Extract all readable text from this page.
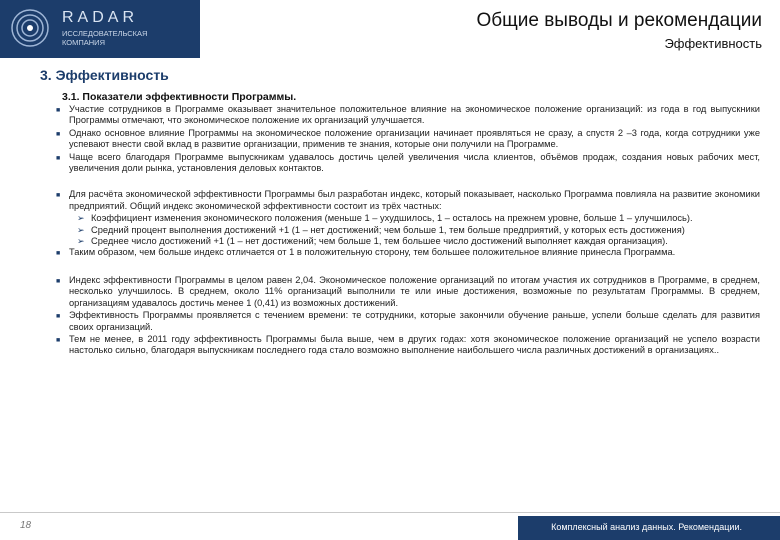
RADAR
ИССЛЕДОВАТЕЛЬСКАЯ
КОМПАНИЯ
Общие выводы и рекомендации
Эффективность
3. Эффективность
3.1. Показатели эффективности Программы.
■ Участие сотрудников в Программе оказывает значительное положительное влияние на экономическое положение организаций: из года в год выпускники Программы отмечают, что экономическое положение их организаций улучшается.
■ Однако основное влияние Программы на экономическое положение организации начинает проявляться не сразу, а спустя 2 –3 года, когда сотрудники уже успевают внести свой вклад в развитие организации, применив те знания, которые они получили на Программе.
■ Чаще всего благодаря Программе выпускникам удавалось достичь целей увеличения числа клиентов, объёмов продаж, создания новых рабочих мест, увеличения доли рынка, установления деловых контактов.
■ Для расчёта экономической эффективности Программы был разработан индекс, который показывает, насколько Программа повлияла на развитие экономики предприятий. Общий индекс экономической эффективности состоит из трёх частных:
➢ Коэффициент изменения экономического положения (меньше 1 – ухудшилось, 1 – осталось на прежнем уровне, больше 1 – улучшилось).
➢ Средний процент выполнения достижений +1 (1 – нет достижений; чем больше 1, тем больше предприятий, у которых есть достижения)
➢ Среднее число достижений +1 (1 – нет достижений; чем больше 1, тем большее число достижений выполняет каждая организация).
■ Таким образом, чем больше индекс отличается от 1 в положительную сторону, тем большее положительное влияние принесла Программа.
■ Индекс эффективности Программы в целом равен 2,04. Экономическое положение организаций по итогам участия их сотрудников в Программе, в среднем, несколько улучшилось. В среднем, около 11% организаций выполнили те или иные достижения, возможные по результатам Программы. В среднем, организациям удавалось достичь менее 1 (0,41) из возможных достижений.
■ Эффективность Программы проявляется с течением времени: те сотрудники, которые закончили обучение раньше, успели больше сделать для развития своих организаций.
■ Тем не менее, в 2011 году эффективность Программы была выше, чем в других годах: хотя экономическое положение организаций не успело возрасти настолько сильно, благодаря выпускникам последнего года стало возможно выполнение наибольшего числа различных достижений в организациях..
18	Комплексный анализ данных. Рекомендации.
